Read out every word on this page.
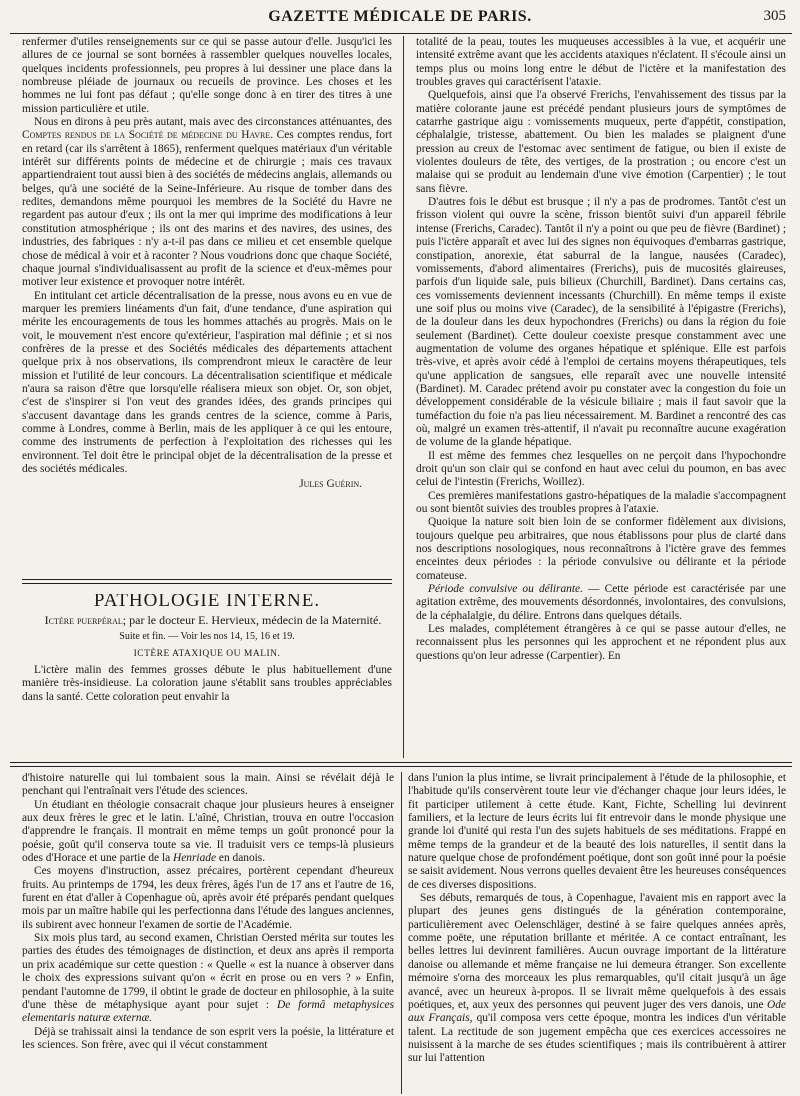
GAZETTE MÉDICALE DE PARIS.	305

renfermer d'utiles renseignements sur ce qui se passe autour d'elle. Jusqu'ici les allures de ce journal se sont bornées à rassembler quelques nouvelles locales, quelques incidents professionnels, peu propres à lui dessiner une place dans la nombreuse pléiade de journaux ou recueils de province. Les choses et les hommes ne lui font pas défaut ; qu'elle songe donc à en tirer des titres à une mission particulière et utile.

Nous en dirons à peu près autant, mais avec des circonstances atténuantes, des Comptes rendus de la Société de médecine du Havre. Ces comptes rendus, fort en retard (car ils s'arrêtent à 1865), renferment quelques matériaux d'un véritable intérêt sur différents points de médecine et de chirurgie ; mais ces travaux appartiendraient tout aussi bien à des sociétés de médecins anglais, allemands ou belges, qu'à une société de la Seine-Inférieure. Au risque de tomber dans des redites, demandons même pourquoi les membres de la Société du Havre ne regardent pas autour d'eux ; ils ont la mer qui imprime des modifications à leur constitution atmosphérique ; ils ont des marins et des navires, des usines, des industries, des fabriques : n'y a-t-il pas dans ce milieu et cet ensemble quelque chose de médical à voir et à raconter ? Nous voudrions donc que chaque Société, chaque journal s'individualisassent au profit de la science et d'eux-mêmes pour motiver leur existence et provoquer notre intérêt.

En intitulant cet article décentralisation de la presse, nous avons eu en vue de marquer les premiers linéaments d'un fait, d'une tendance, d'une aspiration qui mérite les encouragements de tous les hommes attachés au progrès. Mais on le voit, le mouvement n'est encore qu'extérieur, l'aspiration mal définie ; et si nos confrères de la presse et des Sociétés médicales des départements attachent quelque prix à nos observations, ils comprendront mieux le caractère de leur mission et l'utilité de leur concours. La décentralisation scientifique et médicale n'aura sa raison d'être que lorsqu'elle réalisera mieux son objet. Or, son objet, c'est de s'inspirer si l'on veut des grandes idées, des grands principes qui s'accusent davantage dans les grands centres de la science, comme à Paris, comme à Londres, comme à Berlin, mais de les appliquer à ce qui les entoure, comme des instruments de perfection à l'exploitation des richesses qui les environnent. Tel doit être le principal objet de la décentralisation de la presse et des sociétés médicales.

Jules Guérin.
PATHOLOGIE INTERNE.

Ictère puerpéral; par le docteur E. Hervieux, médecin de la Maternité.

Suite et fin. — Voir les nos 14, 15, 16 et 19.
ICTÈRE ATAXIQUE OU MALIN.

L'ictère malin des femmes grosses débute le plus habituellement d'une manière très-insidieuse. La coloration jaune s'établit sans troubles appréciables dans la santé. Cette coloration peut envahir la

totalité de la peau, toutes les muqueuses accessibles à la vue, et acquérir une intensité extrême avant que les accidents ataxiques n'éclatent. Il s'écoule ainsi un temps plus ou moins long entre le début de l'ictère et la manifestation des troubles graves qui caractérisent l'ataxie.

Quelquefois, ainsi que l'a observé Frerichs, l'envahissement des tissus par la matière colorante jaune est précédé pendant plusieurs jours de symptômes de catarrhe gastrique aigu : vomissements muqueux, perte d'appétit, constipation, céphalalgie, tristesse, abattement. Ou bien les malades se plaignent d'une pression au creux de l'estomac avec sentiment de fatigue, ou bien il existe de violentes douleurs de tête, des vertiges, de la prostration ; ou encore c'est un malaise qui se produit au lendemain d'une vive émotion (Carpentier) ; le tout sans fièvre.

D'autres fois le début est brusque ; il n'y a pas de prodromes. Tantôt c'est un frisson violent qui ouvre la scène, frisson bientôt suivi d'un appareil fébrile intense (Frerichs, Caradec). Tantôt il n'y a point ou que peu de fièvre (Bardinet) ; puis l'ictère apparaît et avec lui des signes non équivoques d'embarras gastrique, constipation, anorexie, état saburral de la langue, nausées (Caradec), vomissements, d'abord alimentaires (Frerichs), puis de mucosités glaireuses, parfois d'un liquide sale, puis bilieux (Churchill, Bardinet). Dans certains cas, ces vomissements deviennent incessants (Churchill). En même temps il existe une soif plus ou moins vive (Caradec), de la sensibilité à l'épigastre (Frerichs), de la douleur dans les deux hypochondres (Frerichs) ou dans la région du foie seulement (Bardinet). Cette douleur coexiste presque constamment avec une augmentation de volume des organes hépatique et splénique. Elle est parfois très-vive, et après avoir cédé à l'emploi de certains moyens thérapeutiques, tels qu'une application de sangsues, elle reparaît avec une nouvelle intensité (Bardinet). M. Caradec prétend avoir pu constater avec la congestion du foie un développement considérable de la vésicule biliaire ; mais il faut savoir que la tuméfaction du foie n'a pas lieu nécessairement. M. Bardinet a rencontré des cas où, malgré un examen très-attentif, il n'avait pu reconnaître aucune exagération de volume de la glande hépatique.

Il est même des femmes chez lesquelles on ne perçoit dans l'hypochondre droit qu'un son clair qui se confond en haut avec celui du poumon, en bas avec celui de l'intestin (Frerichs, Woillez).

Ces premières manifestations gastro-hépatiques de la maladie s'accompagnent ou sont bientôt suivies des troubles propres à l'ataxie.

Quoique la nature soit bien loin de se conformer fidèlement aux divisions, toujours quelque peu arbitraires, que nous établissons pour plus de clarté dans nos descriptions nosologiques, nous reconnaîtrons à l'ictère grave des femmes enceintes deux périodes : la période convulsive ou délirante et la période comateuse.

Période convulsive ou délirante. — Cette période est caractérisée par une agitation extrême, des mouvements désordonnés, involontaires, des convulsions, de la céphalalgie, du délire. Entrons dans quelques détails.

Les malades, complétement étrangères à ce qui se passe autour d'elles, ne reconnaissent plus les personnes qui les approchent et ne répondent plus aux questions qu'on leur adresse (Carpentier). En

d'histoire naturelle qui lui tombaient sous la main. Ainsi se révélait déjà le penchant qui l'entraînait vers l'étude des sciences.

Un étudiant en théologie consacrait chaque jour plusieurs heures à enseigner aux deux frères le grec et le latin. L'aîné, Christian, trouva en outre l'occasion d'apprendre le français. Il montrait en même temps un goût prononcé pour la poésie, goût qu'il conserva toute sa vie. Il traduisit vers ce temps-là plusieurs odes d'Horace et une partie de la Henriade en danois.

Ces moyens d'instruction, assez précaires, portèrent cependant d'heureux fruits. Au printemps de 1794, les deux frères, âgés l'un de 17 ans et l'autre de 16, furent en état d'aller à Copenhague où, après avoir été préparés pendant quelques mois par un maître habile qui les perfectionna dans l'étude des langues anciennes, ils subirent avec honneur l'examen de sortie de l'Académie.

Six mois plus tard, au second examen, Christian Oersted mérita sur toutes les parties des études des témoignages de distinction, et deux ans après il remporta un prix académique sur cette question : « Quelle « est la nuance à observer dans le choix des expressions suivant qu'on « écrit en prose ou en vers ? » Enfin, pendant l'automne de 1799, il obtint le grade de docteur en philosophie, à la suite d'une thèse de métaphysique ayant pour sujet : De formâ metaphysices elementaris naturæ externæ.

Déjà se trahissait ainsi la tendance de son esprit vers la poésie, la littérature et les sciences. Son frère, avec qui il vécut constamment

dans l'union la plus intime, se livrait principalement à l'étude de la philosophie, et l'habitude qu'ils conservèrent toute leur vie d'échanger chaque jour leurs idées, le fit participer utilement à cette étude. Kant, Fichte, Schelling lui devinrent familiers, et la lecture de leurs écrits lui fit entrevoir dans le monde physique une grande loi d'unité qui resta l'un des sujets habituels de ses méditations. Frappé en même temps de la grandeur et de la beauté des lois naturelles, il sentit dans la nature quelque chose de profondément poétique, dont son goût inné pour la poésie se saisit avidement. Nous verrons quelles devaient être les heureuses conséquences de ces diverses dispositions.

Ses débuts, remarqués de tous, à Copenhague, l'avaient mis en rapport avec la plupart des jeunes gens distingués de la génération contemporaine, particulièrement avec Oelenschläger, destiné à se faire quelques années après, comme poëte, une réputation brillante et méritée. A ce contact entraînant, les belles lettres lui devinrent familières. Aucun ouvrage important de la littérature danoise ou allemande et même française ne lui demeura étranger. Son excellente mémoire s'orna des morceaux les plus remarquables, qu'il citait jusqu'à un âge avancé, avec un heureux à-propos. Il se livrait même quelquefois à des essais poétiques, et, aux yeux des personnes qui peuvent juger des vers danois, une Ode aux Français, qu'il composa vers cette époque, montra les indices d'un véritable talent. La rectitude de son jugement empêcha que ces exercices accessoires ne nuisissent à la marche de ses études scientifiques ; mais ils contribuèrent à attirer sur lui l'attention
